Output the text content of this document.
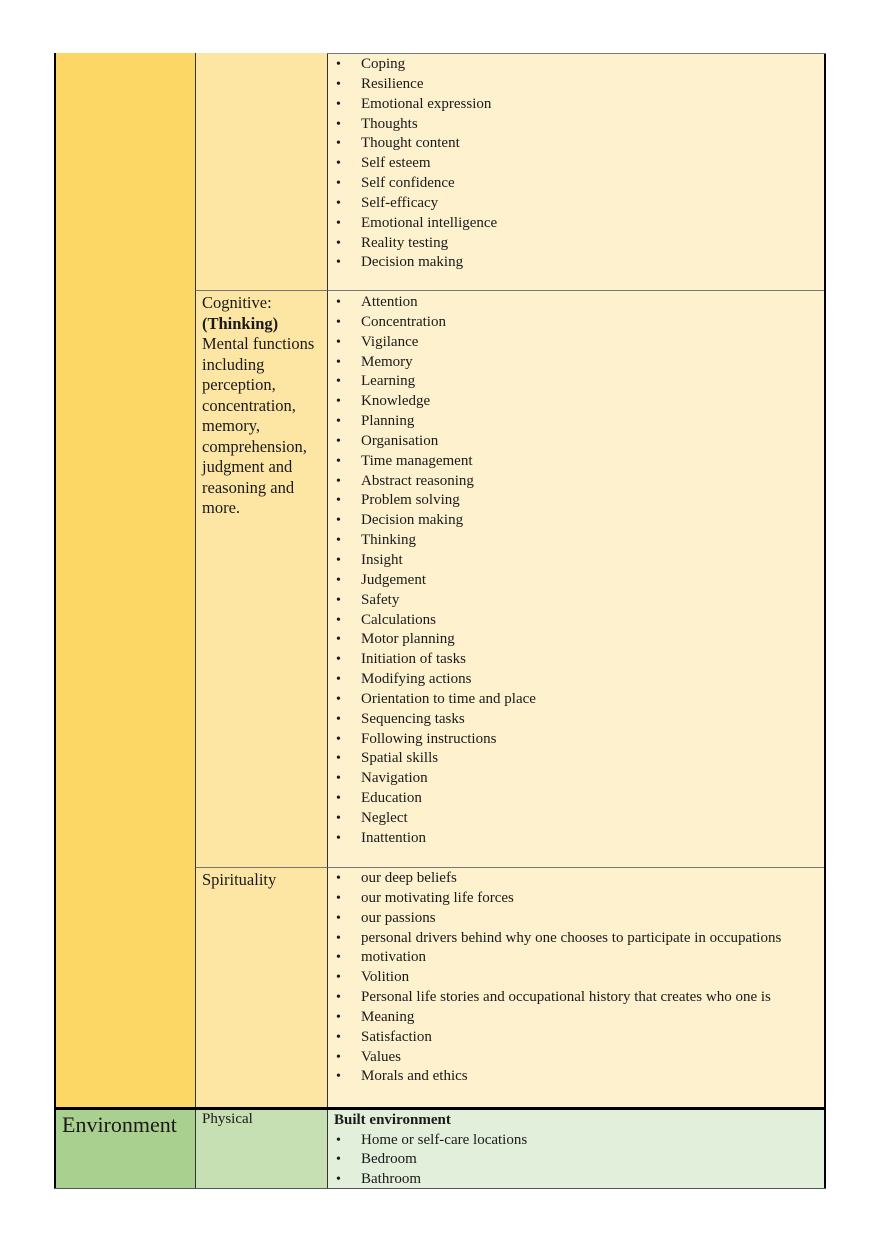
• Coping
• Resilience
• Emotional expression
• Thoughts
• Thought content
• Self esteem
• Self confidence
• Self-efficacy
• Emotional intelligence
• Reality testing
• Decision making
Cognitive:
(Thinking)
Mental functions including perception, concentration, memory, comprehension, judgment and reasoning and more.
• Attention
• Concentration
• Vigilance
• Memory
• Learning
• Knowledge
• Planning
• Organisation
• Time management
• Abstract reasoning
• Problem solving
• Decision making
• Thinking
• Insight
• Judgement
• Safety
• Calculations
• Motor planning
• Initiation of tasks
• Modifying actions
• Orientation to time and place
• Sequencing tasks
• Following instructions
• Spatial skills
• Navigation
• Education
• Neglect
• Inattention
Spirituality
•	our deep beliefs
• our motivating life forces
• our passions
• personal drivers behind why one chooses to participate in occupations
• motivation
• Volition
• Personal life stories and occupational history that creates who one is
• Meaning
• Satisfaction
• Values
• Morals and ethics
Environment	Physical	Built environment
• Home or self-care locations
• Bedroom
• Bathroom
